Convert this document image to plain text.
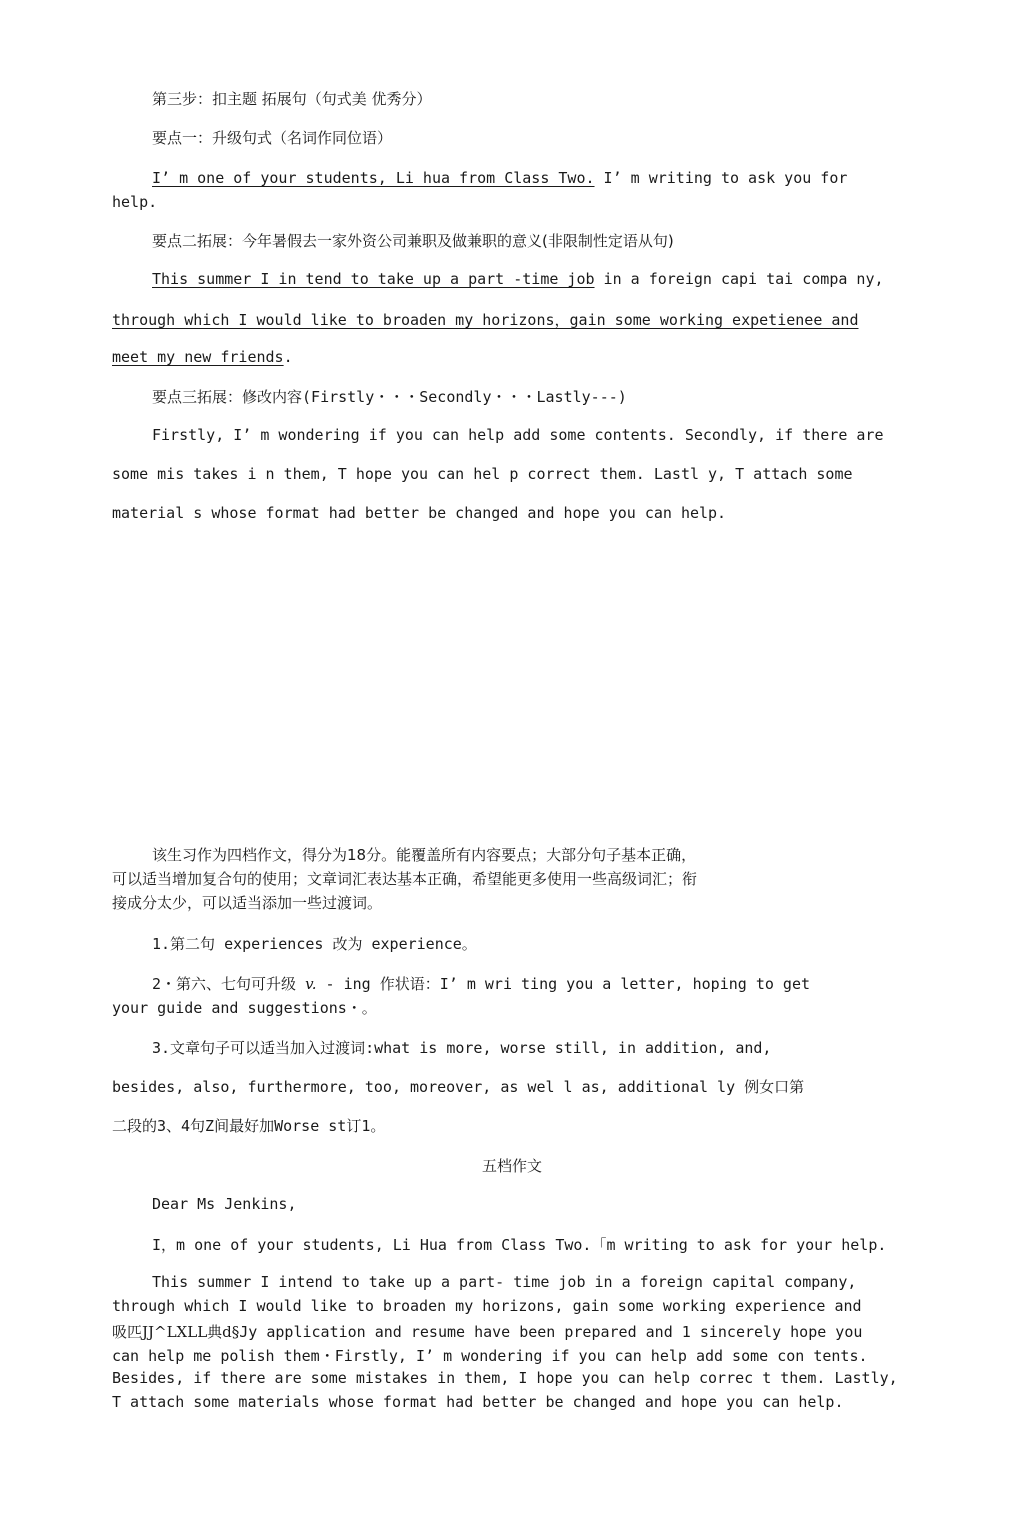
第三步：扣主题 拓展句（句式美 优秀分）
要点一：升级句式（名词作同位语）
I’ m one of your students, Li hua from Class Two. I’ m writing to ask you for
help.
要点二拓展：今年暑假去一家外资公司兼职及做兼职的意义(非限制性定语从句)
This summer I in tend to take up a part -time job in a foreign capi tai compa ny,
through which I would like to broaden my horizons，gain some working expetienee and
meet my new friends.
要点三拓展：修改内容(Firstly・・・Secondly・・・Lastly---)
Firstly, I’ m wondering if you can help add some contents. Secondly, if there are
some mis takes i n them, T hope you can hel p correct them. Lastl y, T attach some
material s whose format had better be changed and hope you can help.
该生习作为四档作文，得分为18分。能覆盖所有内容要点；大部分句子基本正确，
可以适当增加复合句的使用；文章词汇表达基本正确，希望能更多使用一些高级词汇；衔
接成分太少，可以适当添加一些过渡词。
1.第二句 experiences 改为 experience。
2・第六、七句可升级 v. - ing 作状语：I’ m wri ting you a letter, hoping to get
your guide and suggestions・。
3.文章句子可以适当加入过渡词:what is more, worse still, in addition, and,
besides, also, furthermore, too, moreover, as wel l as, additional ly 例女口第
二段的3、4句Z间最好加Worse st订1。
五档作文
Dear Ms Jenkins,
I，m one of your students, Li Hua from Class Two.「m writing to ask for your help.
This summer I intend to take up a part- time job in a foreign capital company,
through which I would like to broaden my horizons, gain some working experience and
吸匹JJ^LXLL典d§Jy application and resume have been prepared and 1 sincerely hope you
can help me polish them・Firstly, I’ m wondering if you can help add some con tents.
Besides, if there are some mistakes in them, I hope you can help correc t them. Lastly,
T attach some materials whose format had better be changed and hope you can help.
